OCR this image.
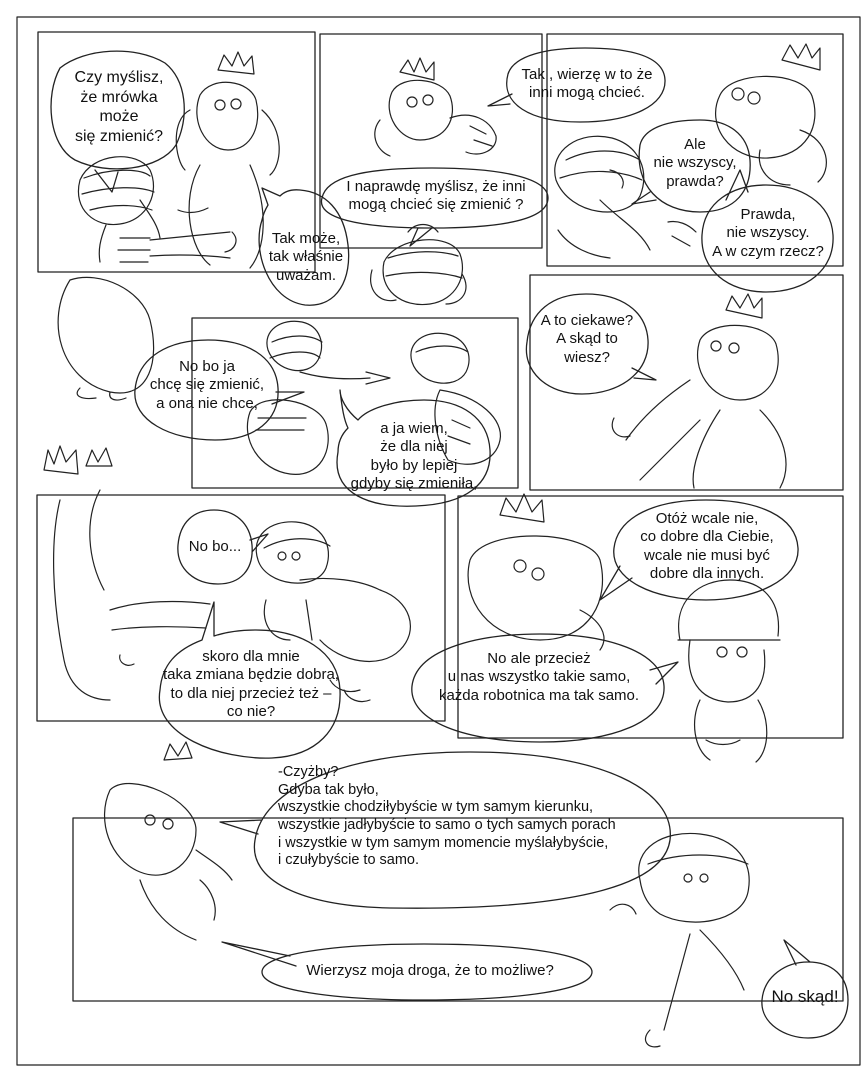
Czy myślisz,
że mrówka
może
się zmienić?
Tak może,
tak właśnie
uważam.
Tak , wierzę w to że
inni mogą chcieć.
I naprawdę myślisz, że inni
mogą chcieć się zmienić ?
Ale
nie wszyscy,
prawda?
Prawda,
nie wszyscy.
A w czym rzecz?
No bo ja
chcę się zmienić,
a ona nie chce,
a ja wiem,
że dla niej
było by lepiej
gdyby się zmieniła,
A to ciekawe?
A skąd to
wiesz?
No bo...
skoro dla mnie
taka zmiana będzie dobra,
to dla niej przecież też –
co nie?
Otóż wcale nie,
co dobre dla Ciebie,
wcale nie musi być
dobre dla innych.
No ale przecież
u nas wszystko takie samo,
każda robotnica ma tak samo.
-Czyżby?
Gdyba tak było,
wszystkie chodziłybyście w tym samym kierunku,
wszystkie jadłybyście to samo o tych samych porach
i wszystkie w tym samym momencie myślałybyście,
i czułybyście to samo.
Wierzysz moja droga, że to możliwe?
No skąd!
